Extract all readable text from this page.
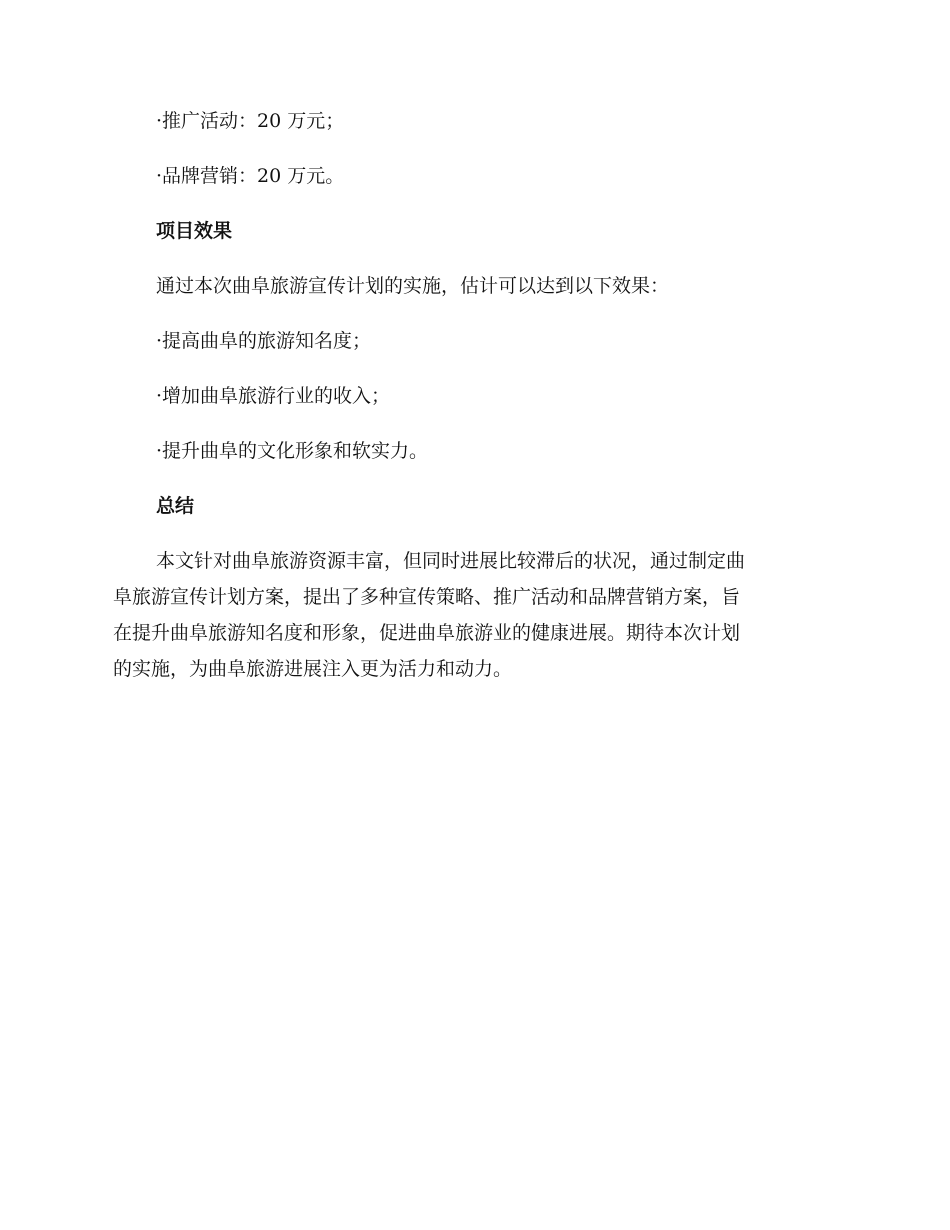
·推广活动：20 万元；
·品牌营销：20 万元。
项目效果
通过本次曲阜旅游宣传计划的实施，估计可以达到以下效果：
·提高曲阜的旅游知名度；
·增加曲阜旅游行业的收入；
·提升曲阜的文化形象和软实力。
总结
本文针对曲阜旅游资源丰富，但同时进展比较滞后的状况，通过制定曲
阜旅游宣传计划方案，提出了多种宣传策略、推广活动和品牌营销方案，旨
在提升曲阜旅游知名度和形象，促进曲阜旅游业的健康进展。期待本次计划
的实施，为曲阜旅游进展注入更为活力和动力。
